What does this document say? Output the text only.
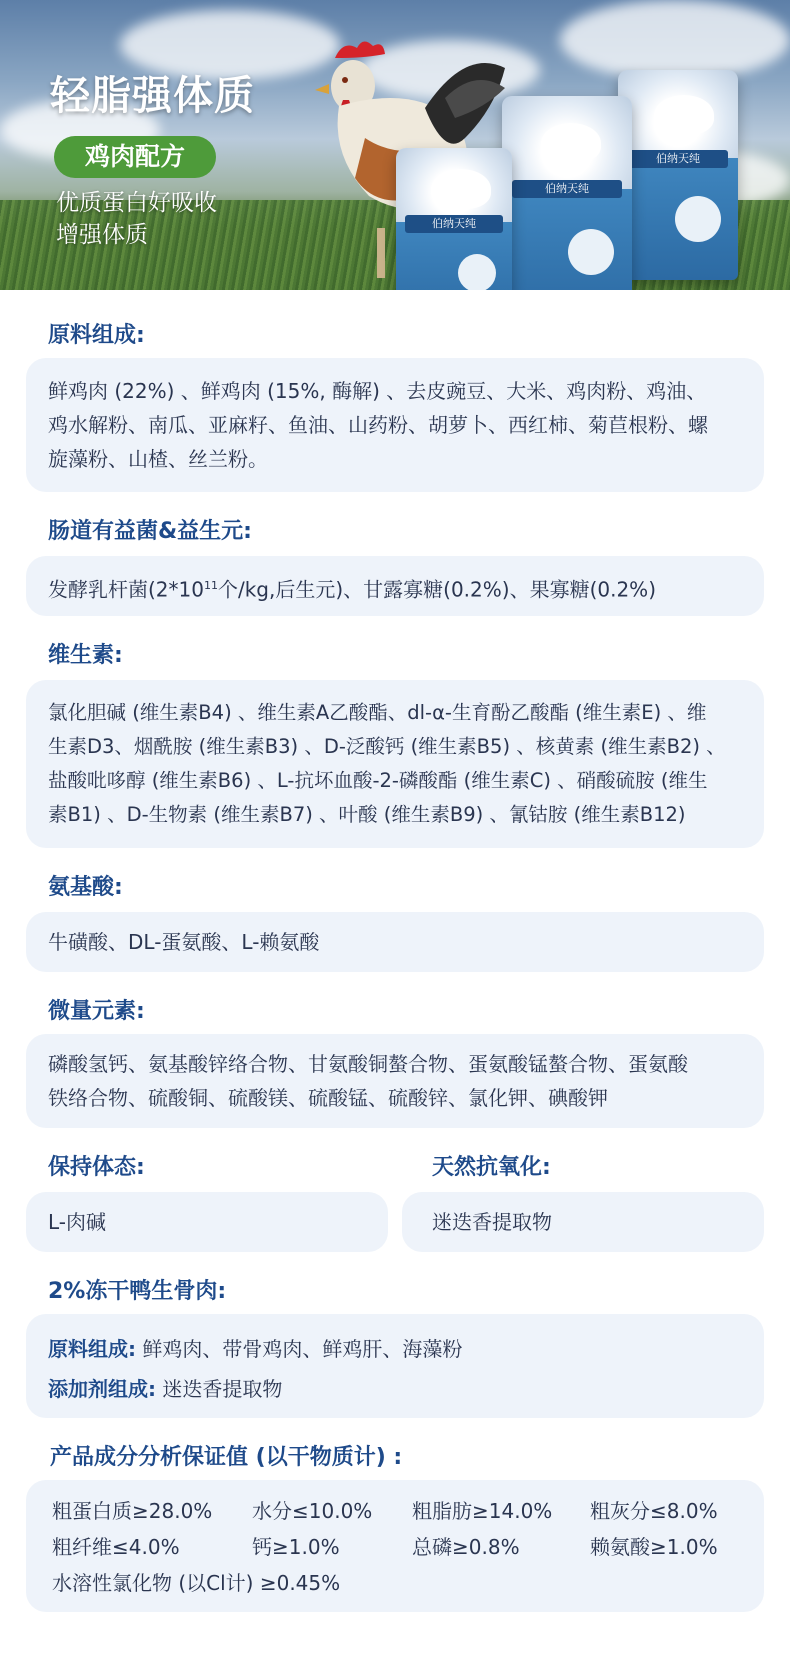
轻脂强体质
鸡肉配方
优质蛋白好吸收
增强体质
伯纳天纯
伯纳天纯
伯纳天纯
原料组成:
鲜鸡肉 (22%) 、鲜鸡肉 (15%, 酶解) 、去皮豌豆、大米、鸡肉粉、鸡油、
鸡水解粉、南瓜、亚麻籽、鱼油、山药粉、胡萝卜、西红柿、菊苣根粉、螺
旋藻粉、山楂、丝兰粉。
肠道有益菌&益生元:
发酵乳杆菌($2*10^{11}$个/kg,后生元)、甘露寡糖(0.2%)、果寡糖(0.2%)
维生素:
氯化胆碱 (维生素B4) 、维生素A乙酸酯、dl-α-生育酚乙酸酯 (维生素E) 、维
生素D3、烟酰胺 (维生素B3) 、D-泛酸钙 (维生素B5) 、核黄素 (维生素B2) 、
盐酸吡哆醇 (维生素B6) 、L-抗坏血酸-2-磷酸酯 (维生素C) 、硝酸硫胺 (维生
素B1) 、D-生物素 (维生素B7) 、叶酸 (维生素B9) 、氰钴胺 (维生素B12)
氨基酸:
牛磺酸、DL-蛋氨酸、L-赖氨酸
微量元素:
磷酸氢钙、氨基酸锌络合物、甘氨酸铜螯合物、蛋氨酸锰螯合物、蛋氨酸
铁络合物、硫酸铜、硫酸镁、硫酸锰、硫酸锌、氯化钾、碘酸钾
保持体态:	天然抗氧化:
L-肉碱	迷迭香提取物
2%冻干鸭生骨肉:
原料组成: 鲜鸡肉、带骨鸡肉、鲜鸡肝、海藻粉
添加剂组成: 迷迭香提取物
产品成分分析保证值 (以干物质计) :
粗蛋白质≥28.0% 水分≤10.0% 粗脂肪≥14.0% 粗灰分≤8.0%
粗纤维≤4.0%	钙≥1.0%	总磷≥0.8%	赖氨酸≥1.0%
水溶性氯化物 (以Cl计) ≥0.45%
